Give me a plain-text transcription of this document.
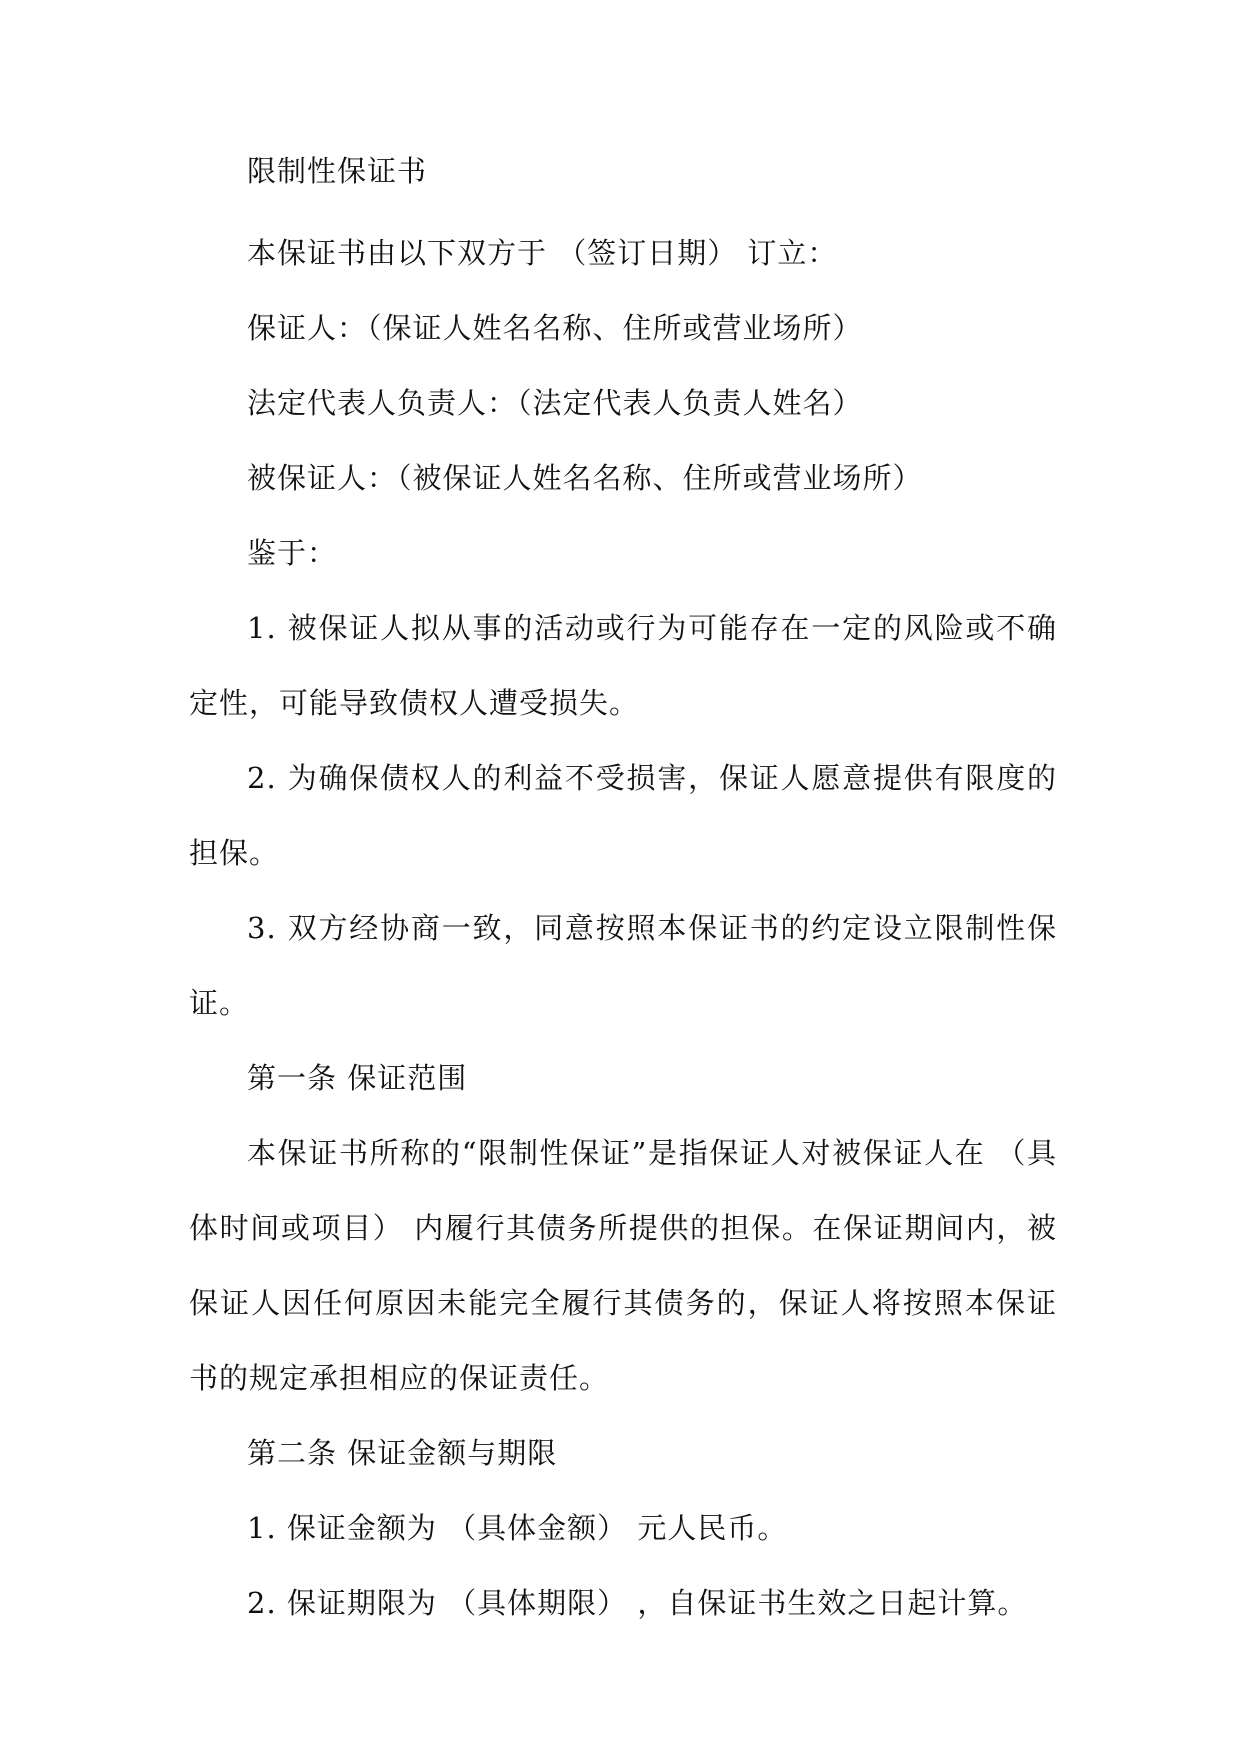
限制性保证书

本保证书由以下双方于 （签订日期） 订立：

保证人：（保证人姓名名称、住所或营业场所）

法定代表人负责人：（法定代表人负责人姓名）

被保证人：（被保证人姓名名称、住所或营业场所）

鉴于：

1. 被保证人拟从事的活动或行为可能存在一定的风险或不确定性，可能导致债权人遭受损失。

2. 为确保债权人的利益不受损害，保证人愿意提供有限度的担保。

3. 双方经协商一致，同意按照本保证书的约定设立限制性保证。

第一条 保证范围

本保证书所称的“限制性保证”是指保证人对被保证人在 （具体时间或项目） 内履行其债务所提供的担保。在保证期间内，被保证人因任何原因未能完全履行其债务的，保证人将按照本保证书的规定承担相应的保证责任。

第二条 保证金额与期限

1. 保证金额为 （具体金额） 元人民币。

2. 保证期限为 （具体期限） ，自保证书生效之日起计算。
